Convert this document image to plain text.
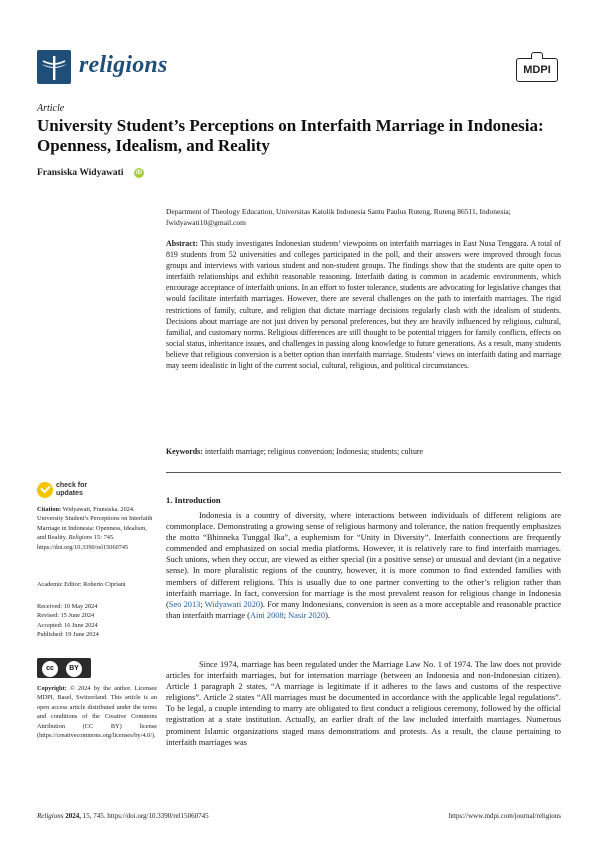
religions	MDPI
Article
University Student’s Perceptions on Interfaith Marriage in Indonesia: Openness, Idealism, and Reality
Fransiska Widyawati	iD
Department of Theology Education, Universitas Katolik Indonesia Santu Paulus Ruteng, Ruteng 86511, Indonesia;
fwidyawati10@gmail.com
Abstract: This study investigates Indonesian students’ viewpoints on interfaith marriages in East Nusa Tenggara. A total of 819 students from 52 universities and colleges participated in the poll, and their answers were improved through focus groups and interviews with various student and non-student groups. The findings show that the students are quite open to interfaith relationships and exhibit reasonable reasoning. Interfaith dating is common in academic environments, which encourage acceptance of interfaith unions. In an effort to foster tolerance, students are advocating for legislative changes that would facilitate interfaith marriages. However, there are several challenges on the path to interfaith marriages. The rigid restrictions of family, culture, and religion that dictate marriage decisions regularly clash with the idealism of students. Decisions about marriage are not just driven by personal preferences, but they are heavily influenced by religious, cultural, familial, and customary norms. Religious differences are still thought to be potential triggers for family conflicts, effects on social status, inheritance issues, and challenges in passing along knowledge to future generations. As a result, many students believe that religious conversion is a better option than interfaith marriage. Students’ views on interfaith dating and marriage may seem idealistic in light of the current social, cultural, religious, and political circumstances.
Keywords: interfaith marriage; religious conversion; Indonesia; students; culture
check for
updates
Citation: Widyawati, Fransiska. 2024. University Student’s Perceptions on Interfaith Marriage in Indonesia: Openness, Idealism, and Reality. Religions 15: 745. https://doi.org/10.3390/rel15060745
Academic Editor: Roberto Cipriani
Received: 10 May 2024
Revised: 15 June 2024
Accepted: 16 June 2024
Published: 19 June 2024
cc	BY
Copyright: © 2024 by the author. Licensee MDPI, Basel, Switzerland. This article is an open access article distributed under the terms and conditions of the Creative Commons Attribution (CC BY) license (https://creativecommons.org/licenses/by/4.0/).
1. Introduction
Indonesia is a country of diversity, where interactions between individuals of different religions are commonplace. Demonstrating a growing sense of religious harmony and tolerance, the nation frequently emphasizes the motto “Bhinneka Tunggal Ika”, a euphemism for “Unity in Diversity”. Interfaith connections are frequently commended and emphasized on social media platforms. However, it is relatively rare to find interfaith marriages. Such unions, when they occur, are viewed as either special (in a positive sense) or unusual and deviant (in a negative sense). In more pluralistic regions of the country, however, it is more common to find extended families with members of different religions. This is usually due to one partner converting to the other’s religion rather than interfaith marriage. In fact, conversion for marriage is the most prevalent reason for religious change in Indonesia (Seo 2013; Widyawati 2020). For many Indonesians, conversion is seen as a more acceptable and reasonable practice than interfaith marriage (Aini 2008; Nasir 2020).
Since 1974, marriage has been regulated under the Marriage Law No. 1 of 1974. The law does not provide articles for interfaith marriages, but for internation marriage (between an Indonesia and non-Indonesian citizen). Article 1 paragraph 2 states, “A marriage is legitimate if it adheres to the laws and customs of the respective religions”. Article 2 states “All marriages must be documented in accordance with the applicable legal regulations”. To be legal, a couple intending to marry are obligated to first conduct a religious ceremony, followed by the official registration at a state institution. Actually, an earlier draft of the law included interfaith marriages. Numerous prominent Islamic organizations staged mass demonstrations and protests. As a result, the clause pertaining to interfaith marriages was
Religions 2024, 15, 745. https://doi.org/10.3390/rel15060745	https://www.mdpi.com/journal/religions
